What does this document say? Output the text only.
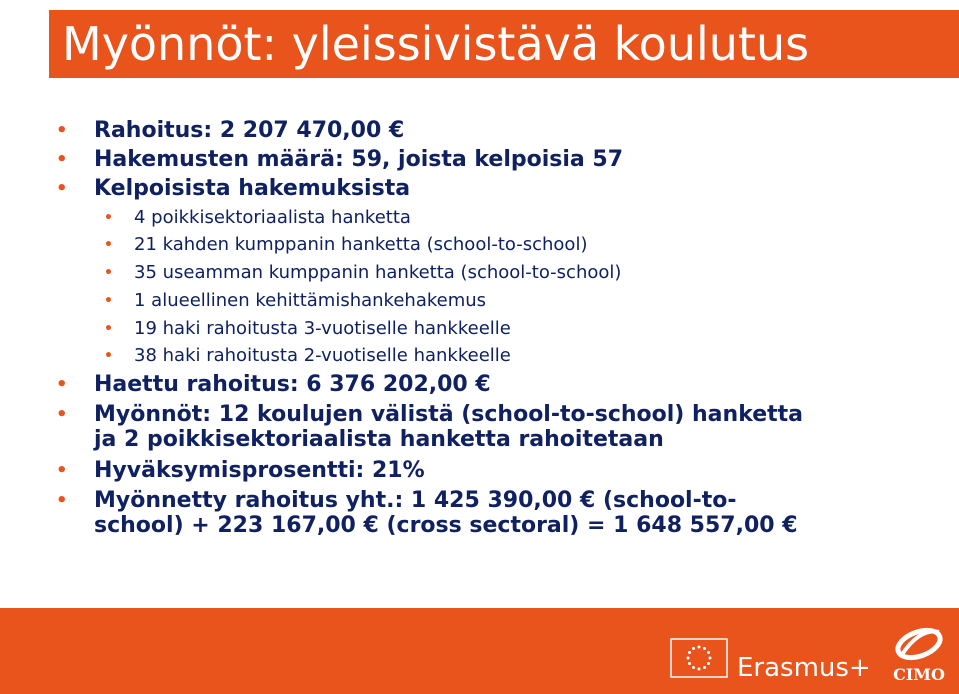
Myönnöt: yleissivistävä koulutus
• Rahoitus: 2 207 470,00 €
• Hakemusten määrä: 59, joista kelpoisia 57
• Kelpoisista hakemuksista
• 4 poikkisektoriaalista hanketta
• 21 kahden kumppanin hanketta (school-to-school)
• 35 useamman kumppanin hanketta (school-to-school)
• 1 alueellinen kehittämishankehakemus
• 19 haki rahoitusta 3-vuotiselle hankkeelle
• 38 haki rahoitusta 2-vuotiselle hankkeelle
• Haettu rahoitus: 6 376 202,00 €
• Myönnöt: 12 koulujen välistä (school-to-school) hanketta
ja 2 poikkisektoriaalista hanketta rahoitetaan
• Hyväksymisprosentti: 21%
• Myönnetty rahoitus yht.: 1 425 390,00 € (school-to-
school) + 223 167,00 € (cross sectoral) = 1 648 557,00 €
Erasmus+ CIMO
